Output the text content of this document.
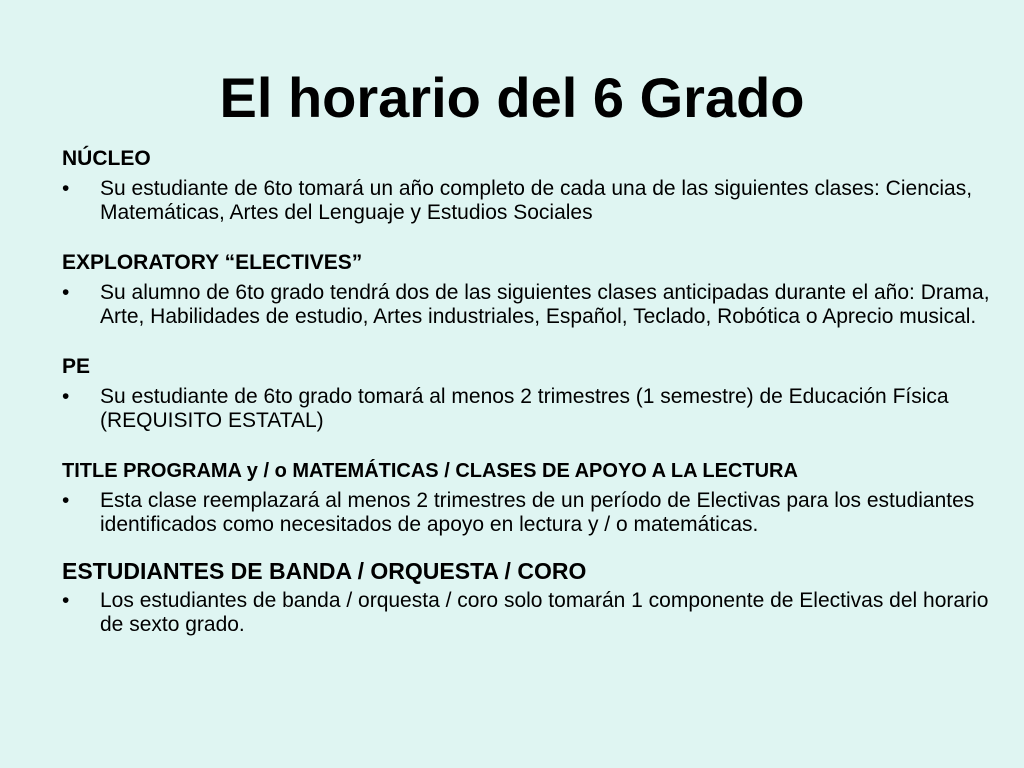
El horario del 6 Grado
NÚCLEO
•	Su estudiante de 6to tomará un año completo de cada una de las siguientes clases: Ciencias, Matemáticas, Artes del Lenguaje y Estudios Sociales
EXPLORATORY “ELECTIVES”
•	Su alumno de 6to grado tendrá dos de las siguientes clases anticipadas durante el año: Drama, Arte, Habilidades de estudio, Artes industriales, Español, Teclado, Robótica o Aprecio musical.
PE
•	Su estudiante de 6to grado tomará al menos 2 trimestres (1 semestre) de Educación Física (REQUISITO ESTATAL)
TITLE PROGRAMA y / o MATEMÁTICAS / CLASES DE APOYO A LA LECTURA
•	Esta clase reemplazará al menos 2 trimestres de un período de Electivas para los estudiantes identificados como necesitados de apoyo en lectura y / o matemáticas.
ESTUDIANTES DE BANDA / ORQUESTA / CORO
•	Los estudiantes de banda / orquesta / coro solo tomarán 1 componente de Electivas del horario de sexto grado.
